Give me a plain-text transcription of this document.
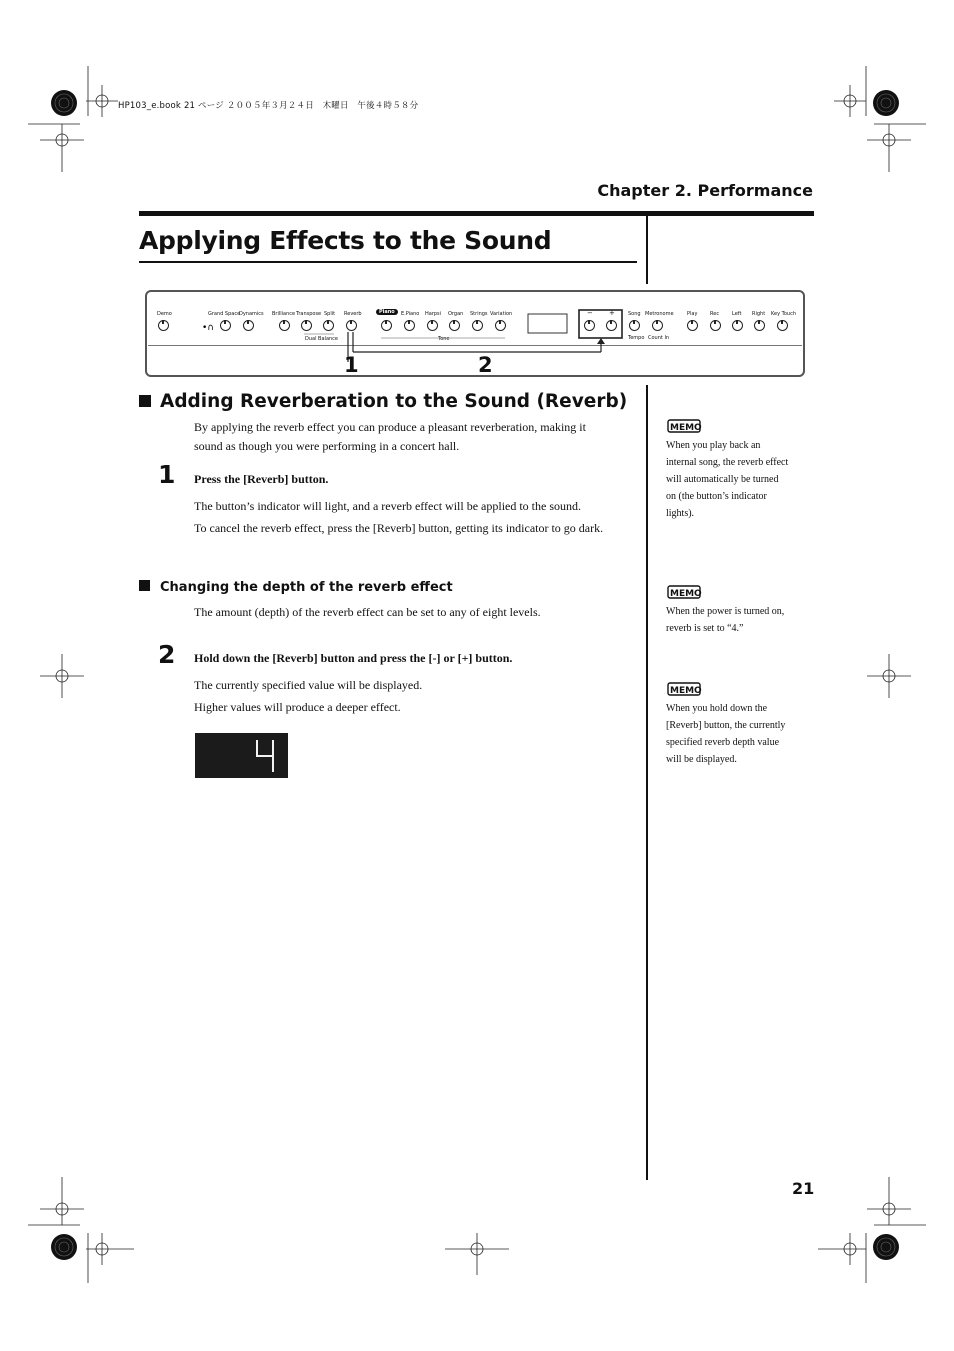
HP103_e.book 21 ページ ２００５年３月２４日　木曜日　午後４時５８分
Chapter 2. Performance
Applying Effects to the Sound
Demo	Grand Space
Dynamics Brilliance Transpose Split Reverb	Piano	E.Piano Harpsi Organ Strings Variation	− +	Song Metronome	Play	Rec	Left Right Key Touch
Dual Balance	Tone	Tempo Count In
•∩
1	2
Adding Reverberation to the Sound (Reverb)
By applying the reverb effect you can produce a pleasant reverberation, making it
sound as though you were performing in a concert hall.
1 Press the [Reverb] button.
The button’s indicator will light, and a reverb effect will be applied to the sound.
To cancel the reverb effect, press the [Reverb] button, getting its indicator to go dark.
Changing the depth of the reverb effect
The amount (depth) of the reverb effect can be set to any of eight levels.
2 Hold down the [Reverb] button and press the [-] or [+] button.
The currently specified value will be displayed.
Higher values will produce a deeper effect.
4
MEMO
When you play back an
internal song, the reverb effect
will automatically be turned
on (the button’s indicator
lights).
MEMO
When the power is turned on,
reverb is set to “4.”
MEMO
When you hold down the
[Reverb] button, the currently
specified reverb depth value
will be displayed.
21
